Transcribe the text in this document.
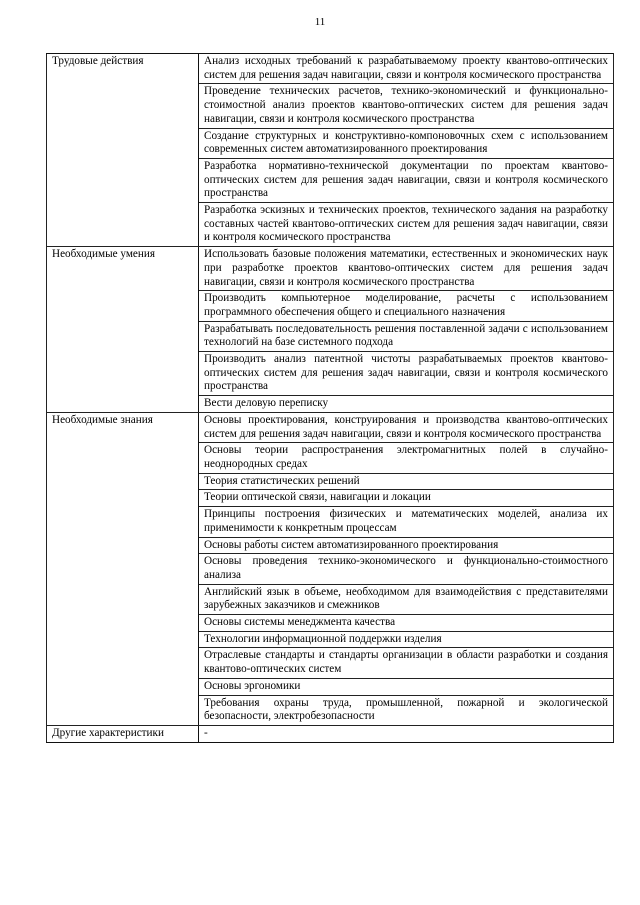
11
Трудовые действия	Анализ исходных требований к разрабатываемому проекту квантово-оптических систем для решения задач навигации, связи и контроля космического пространства
	Проведение технических расчетов, технико-экономический и функционально-стоимостной анализ проектов квантово-оптических систем для решения задач навигации, связи и контроля космического пространства
	Создание структурных и конструктивно-компоновочных схем с использованием современных систем автоматизированного проектирования
	Разработка нормативно-технической документации по проектам квантово-оптических систем для решения задач навигации, связи и контроля космического пространства
	Разработка эскизных и технических проектов, технического задания на разработку составных частей квантово-оптических систем для решения задач навигации, связи и контроля космического пространства
Необходимые умения	Использовать базовые положения математики, естественных и экономических наук при разработке проектов квантово-оптических систем для решения задач навигации, связи и контроля космического пространства
	Производить компьютерное моделирование, расчеты с использованием программного обеспечения общего и специального назначения
	Разрабатывать последовательность решения поставленной задачи с использованием технологий на базе системного подхода
	Производить анализ патентной чистоты разрабатываемых проектов квантово-оптических систем для решения задач навигации, связи и контроля космического пространства
	Вести деловую переписку
Необходимые знания	Основы проектирования, конструирования и производства квантово-оптических систем для решения задач навигации, связи и контроля космического пространства
	Основы теории распространения электромагнитных полей в случайно-неоднородных средах
	Теория статистических решений
	Теории оптической связи, навигации и локации
	Принципы построения физических и математических моделей, анализа их применимости к конкретным процессам
	Основы работы систем автоматизированного проектирования
	Основы проведения технико-экономического и функционально-стоимостного анализа
	Английский язык в объеме, необходимом для взаимодействия с представителями зарубежных заказчиков и смежников
	Основы системы менеджмента качества
	Технологии информационной поддержки изделия
	Отраслевые стандарты и стандарты организации в области разработки и создания квантово-оптических систем
	Основы эргономики
	Требования охраны труда, промышленной, пожарной и экологической безопасности, электробезопасности
Другие характеристики	-
